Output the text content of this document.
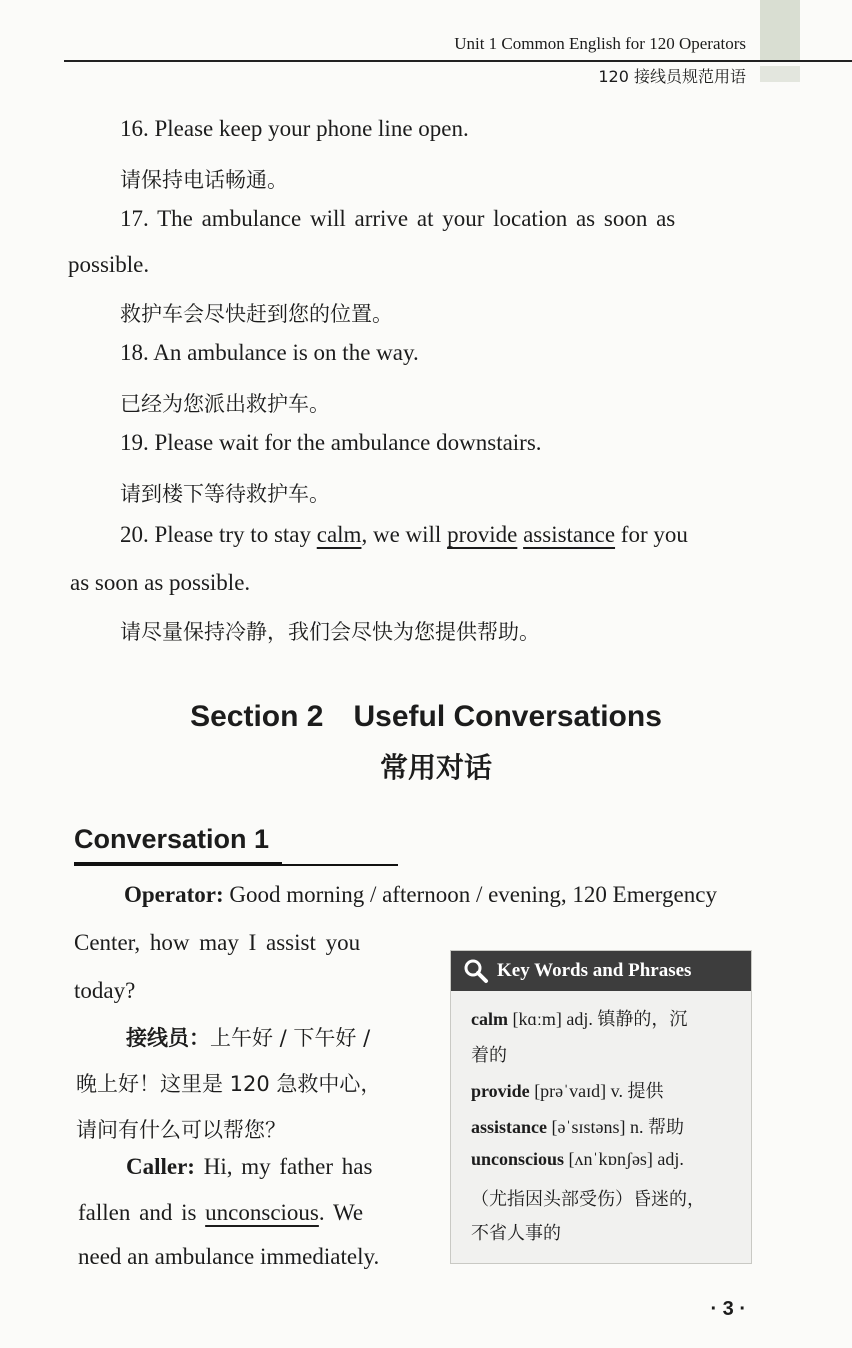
Unit 1 Common English for 120 Operators
120 接线员规范用语
16. Please keep your phone line open.
请保持电话畅通。
17. The ambulance will arrive at your location as soon as
possible.
救护车会尽快赶到您的位置。
18. An ambulance is on the way.
已经为您派出救护车。
19. Please wait for the ambulance downstairs.
请到楼下等待救护车。
20. Please try to stay calm, we will provide assistance for you
as soon as possible.
请尽量保持冷静，我们会尽快为您提供帮助。
Section 2 Useful Conversations
常用对话
Conversation 1
Operator: Good morning / afternoon / evening, 120 Emergency
Center, how may I assist you
today?
接线员：上午好 / 下午好 /
晚上好！这里是 120 急救中心，
请问有什么可以帮您？
Caller: Hi, my father has
fallen and is unconscious. We
need an ambulance immediately.
Key Words and Phrases
calm [kɑːm] adj. 镇静的，沉
着的
provide [prəˈvaɪd] v. 提供
assistance [əˈsɪstəns] n. 帮助
unconscious [ʌnˈkɒnʃəs] adj.
（尤指因头部受伤）昏迷的，
不省人事的
· 3 ·
